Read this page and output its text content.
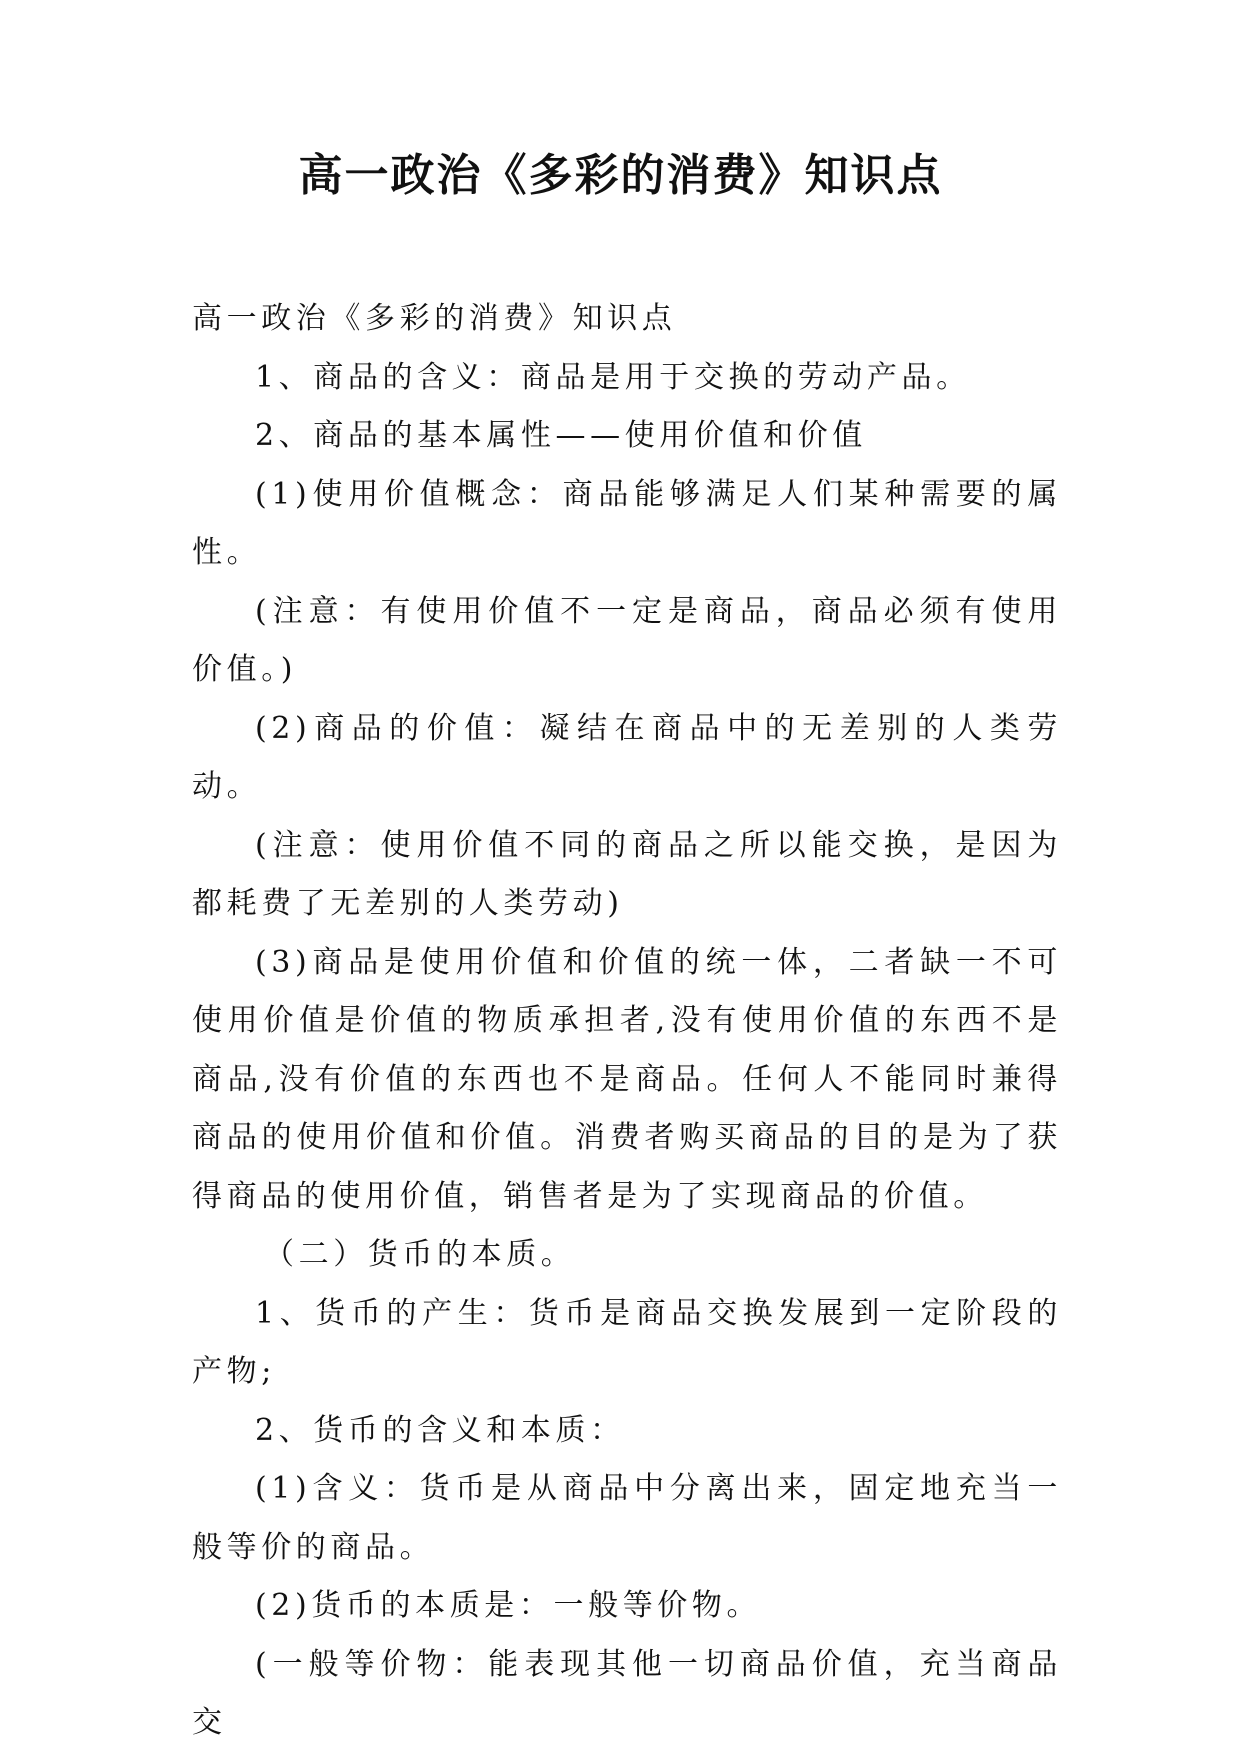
高一政治《多彩的消费》知识点

高一政治《多彩的消费》知识点

1、商品的含义：商品是用于交换的劳动产品。

2、商品的基本属性——使用价值和价值

(1)使用价值概念：商品能够满足人们某种需要的属性。

(注意：有使用价值不一定是商品，商品必须有使用价值。)

(2)商品的价值：凝结在商品中的无差别的人类劳动。

(注意：使用价值不同的商品之所以能交换，是因为都耗费了无差别的人类劳动)

(3)商品是使用价值和价值的统一体，二者缺一不可使用价值是价值的物质承担者,没有使用价值的东西不是商品,没有价值的东西也不是商品。任何人不能同时兼得商品的使用价值和价值。消费者购买商品的目的是为了获得商品的使用价值，销售者是为了实现商品的价值。

（二）货币的本质。

1、货币的产生：货币是商品交换发展到一定阶段的产物;

2、货币的含义和本质：

(1)含义：货币是从商品中分离出来，固定地充当一般等价的商品。

(2)货币的本质是：一般等价物。

(一般等价物：能表现其他一切商品价值，充当商品交
